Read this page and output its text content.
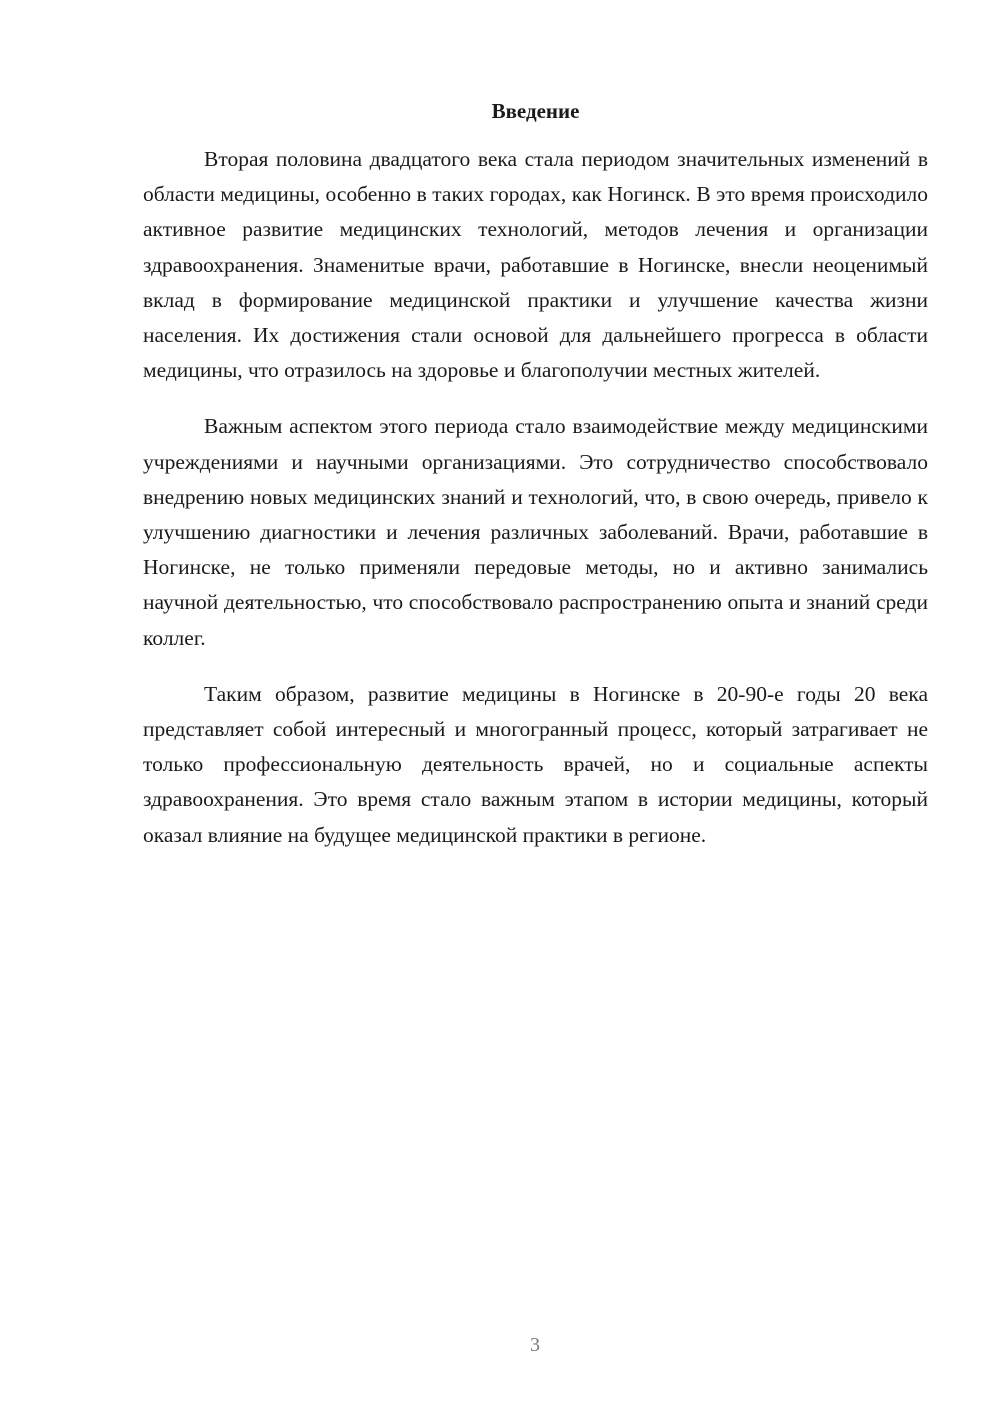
Введение

Вторая половина двадцатого века стала периодом значительных изменений в области медицины, особенно в таких городах, как Ногинск. В это время происходило активное развитие медицинских технологий, методов лечения и организации здравоохранения. Знаменитые врачи, работавшие в Ногинске, внесли неоценимый вклад в формирование медицинской практики и улучшение качества жизни населения. Их достижения стали основой для дальнейшего прогресса в области медицины, что отразилось на здоровье и благополучии местных жителей.

Важным аспектом этого периода стало взаимодействие между медицинскими учреждениями и научными организациями. Это сотрудничество способствовало внедрению новых медицинских знаний и технологий, что, в свою очередь, привело к улучшению диагностики и лечения различных заболеваний. Врачи, работавшие в Ногинске, не только применяли передовые методы, но и активно занимались научной деятельностью, что способствовало распространению опыта и знаний среди коллег.

Таким образом, развитие медицины в Ногинске в 20-90-е годы 20 века представляет собой интересный и многогранный процесс, который затрагивает не только профессиональную деятельность врачей, но и социальные аспекты здравоохранения. Это время стало важным этапом в истории медицины, который оказал влияние на будущее медицинской практики в регионе.

3
